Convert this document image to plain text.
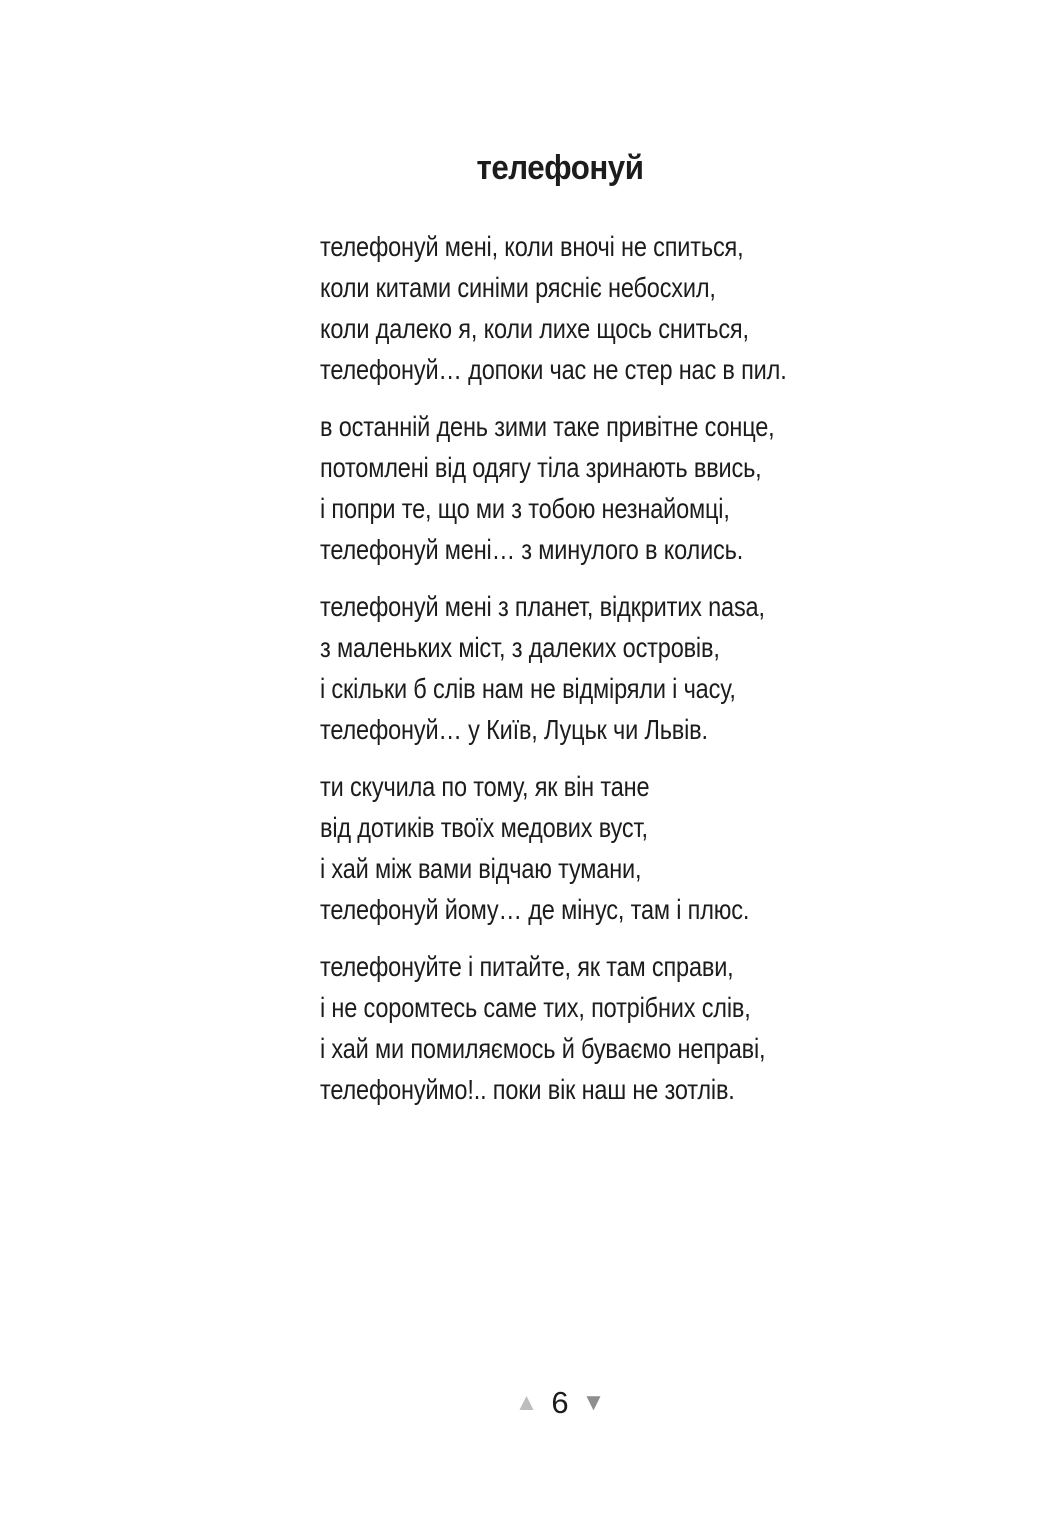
телефонуй
телефонуй мені, коли вночі не спиться,
коли китами синіми рясніє небосхил,
коли далеко я, коли лихе щось сниться,
телефонуй… допоки час не стер нас в пил.
в останній день зими таке привітне сонце,
потомлені від одягу тіла зринають ввись,
і попри те, що ми з тобою незнайомці,
телефонуй мені… з минулого в колись.
телефонуй мені з планет, відкритих nasa,
з маленьких міст, з далеких островів,
і скільки б слів нам не відміряли і часу,
телефонуй… у Київ, Луцьк чи Львів.
ти скучила по тому, як він тане
від дотиків твоїх медових вуст,
і хай між вами відчаю тумани,
телефонуй йому… де мінус, там і плюс.
телефонуйте і питайте, як там справи,
і не соромтесь саме тих, потрібних слів,
і хай ми помиляємось й буваємо неправі,
телефонуймо!.. поки вік наш не зотлів.
▲ 6 ▼
